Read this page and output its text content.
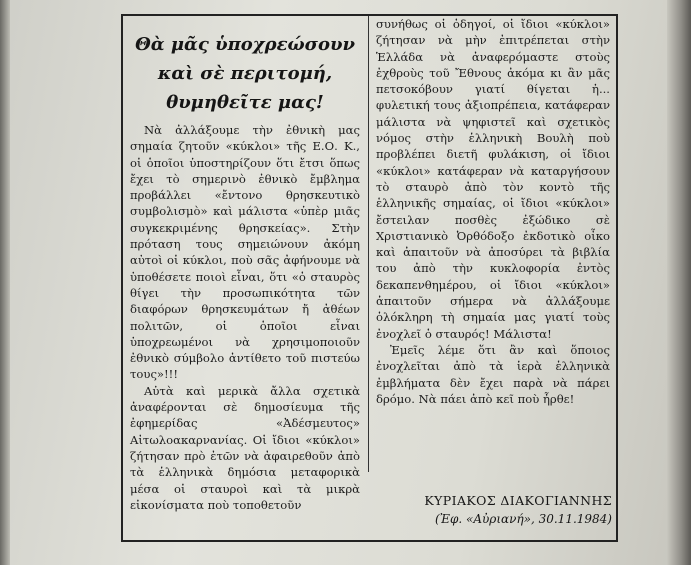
Θὰ μᾶς ὑποχρεώσουν
καὶ σὲ περιτομή,
θυμηθεῖτε μας!

Νὰ ἀλλάξουμε τὴν ἐθνικὴ μας σημαία ζητοῦν «κύκλοι» τῆς Ε.Ο. Κ., οἱ ὁποῖοι ὑποστηρίζουν ὅτι ἔτσι ὅπως ἔχει τὸ σημερινὸ ἐθνικὸ ἔμβλημα προβάλλει «ἔντονο θρησκευτικὸ συμβολισμὸ» καὶ μάλιστα «ὑπὲρ μιᾶς συγκεκριμένης θρησκείας». Στὴν πρόταση τους σημειώνουν ἀκόμη αὐτοὶ οἱ κύκλοι, ποὺ σᾶς ἀφήνουμε νὰ ὑποθέσετε ποιοὶ εἶναι, ὅτι «ὁ σταυρὸς θίγει τὴν προσωπικότητα τῶν διαφόρων θρησκευμάτων ἤ ἀθέων πολιτῶν, οἱ ὁποῖοι εἶναι ὑποχρεωμένοι νὰ χρησιμοποιοῦν ἐθνικὸ σύμβολο ἀντίθετο τοῦ πιστεύω τους»!!!

Αὐτὰ καὶ μερικὰ ἄλλα σχετικὰ ἀναφέρονται σὲ δημοσίευμα τῆς ἐφημερίδας «Ἀδέσμευτος» Αἰτωλοακαρνανίας. Οἱ ἴδιοι «κύκλοι» ζήτησαν πρὸ ἐτῶν νὰ ἀφαιρεθοῦν ἀπὸ τὰ ἑλληνικὰ δημόσια μεταφορικὰ μέσα οἱ σταυροὶ καὶ τὰ μικρὰ εἰκονίσματα ποὺ τοποθετοῦν

συνήθως οἱ ὁδηγοί, οἱ ἴδιοι «κύκλοι» ζήτησαν νὰ μὴν ἐπιτρέπεται στὴν Ἑλλάδα νὰ ἀναφερόμαστε στοὺς ἐχθροὺς τοῦ Ἔθνους ἀκόμα κι ἂν μᾶς πετσοκόβουν γιατί θίγεται ἡ... φυλετική τους ἀξιοπρέπεια, κατάφεραν μάλιστα νὰ ψηφιστεῖ καὶ σχετικὸς νόμος στὴν ἑλληνικὴ Βουλὴ ποὺ προβλέπει διετῆ φυλάκιση, οἱ ἴδιοι «κύκλοι» κατάφεραν νὰ καταργήσουν τὸ σταυρὸ ἀπὸ τὸν κοντὸ τῆς ἑλληνικῆς σημαίας, οἱ ἴδιοι «κύκλοι» ἔστειλαν ποσθὲς ἐξώδικο σὲ Χριστιανικὸ Ὀρθόδοξο ἐκδοτικὸ οἶκο καὶ ἀπαιτοῦν νὰ ἀποσύρει τὰ βιβλία του ἀπὸ τὴν κυκλοφορία ἐντὸς δεκαπενθημέρου, οἱ ἴδιοι «κύκλοι» ἀπαιτοῦν σήμερα νὰ ἀλλάξουμε ὁλόκληρη τὴ σημαία μας γιατί τοὺς ἐνοχλεῖ ὁ σταυρός! Μάλιστα!

Ἐμεῖς λέμε ὅτι ἂν καὶ ὅποιος ἐνοχλεῖται ἀπὸ τὰ ἱερὰ ἑλληνικὰ ἐμβλήματα δὲν ἔχει παρὰ νὰ πάρει δρόμο. Νὰ πάει ἀπὸ κεῖ ποὺ ἦρθε!

ΚΥΡΙΑΚΟΣ ΔΙΑΚΟΓΙΑΝΝΗΣ
(Ἐφ. «Αὐριανή», 30.11.1984)
